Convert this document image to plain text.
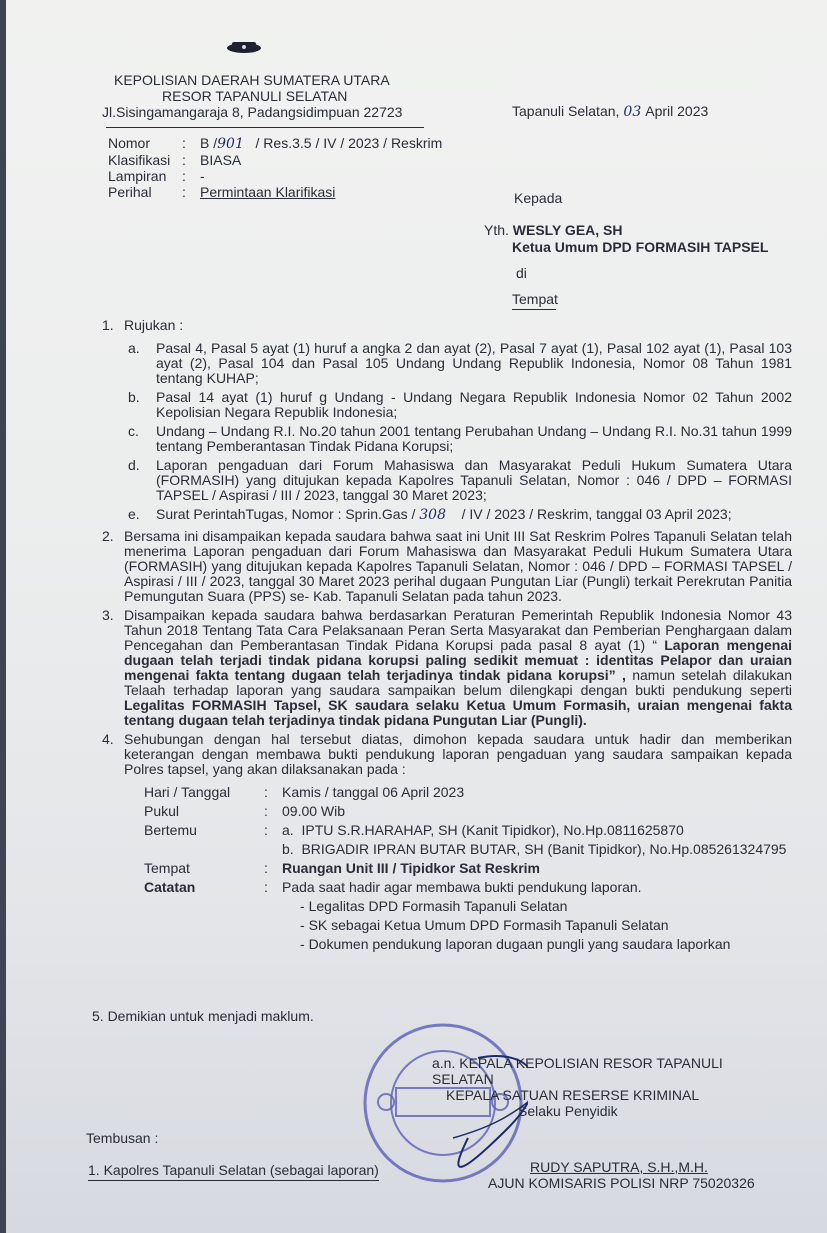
KEPOLISIAN DAERAH SUMATERA UTARA
RESOR TAPANULI SELATAN
Jl.Sisingamangaraja 8, Padangsidimpuan 22723	Tapanuli Selatan, 03 April 2023
Nomor	:	B /901 / Res.3.5 / IV / 2023 / Reskrim
Klasifikasi :	BIASA
Lampiran	:	-
Perihal	:	Permintaan Klarifikasi	Kepada
Yth. WESLY GEA, SH
Ketua Umum DPD FORMASIH TAPSEL
di
Tempat
1. Rujukan :
a.	Pasal 4, Pasal 5 ayat (1) huruf a angka 2 dan ayat (2), Pasal 7 ayat (1), Pasal 102 ayat (1), Pasal 103 ayat (2), Pasal 104 dan Pasal 105 Undang Undang Republik Indonesia, Nomor 08 Tahun 1981 tentang KUHAP;
b.	Pasal 14 ayat (1) huruf g Undang - Undang Negara Republik Indonesia Nomor 02 Tahun 2002 Kepolisian Negara Republik Indonesia;
c.	Undang – Undang R.I. No.20 tahun 2001 tentang Perubahan Undang – Undang R.I. No.31 tahun 1999 tentang Pemberantasan Tindak Pidana Korupsi;
d.	Laporan pengaduan dari Forum Mahasiswa dan Masyarakat Peduli Hukum Sumatera Utara (FORMASIH) yang ditujukan kepada Kapolres Tapanuli Selatan, Nomor : 046 / DPD – FORMASI TAPSEL / Aspirasi / III / 2023, tanggal 30 Maret 2023;
e.	Surat PerintahTugas, Nomor : Sprin.Gas / 308 / IV / 2023 / Reskrim, tanggal 03 April 2023;
2. Bersama ini disampaikan kepada saudara bahwa saat ini Unit III Sat Reskrim Polres Tapanuli Selatan telah menerima Laporan pengaduan dari Forum Mahasiswa dan Masyarakat Peduli Hukum Sumatera Utara (FORMASIH) yang ditujukan kepada Kapolres Tapanuli Selatan, Nomor : 046 / DPD – FORMASI TAPSEL / Aspirasi / III / 2023, tanggal 30 Maret 2023 perihal dugaan Pungutan Liar (Pungli) terkait Perekrutan Panitia Pemungutan Suara (PPS) se- Kab. Tapanuli Selatan pada tahun 2023.
3. Disampaikan kepada saudara bahwa berdasarkan Peraturan Pemerintah Republik Indonesia Nomor 43 Tahun 2018 Tentang Tata Cara Pelaksanaan Peran Serta Masyarakat dan Pemberian Penghargaan dalam Pencegahan dan Pemberantasan Tindak Pidana Korupsi pada pasal 8 ayat (1) “ Laporan mengenai dugaan telah terjadi tindak pidana korupsi paling sedikit memuat : identitas Pelapor dan uraian mengenai fakta tentang dugaan telah terjadinya tindak pidana korupsi” , namun setelah dilakukan Telaah terhadap laporan yang saudara sampaikan belum dilengkapi dengan bukti pendukung seperti Legalitas FORMASIH Tapsel, SK saudara selaku Ketua Umum Formasih, uraian mengenai fakta tentang dugaan telah terjadinya tindak pidana Pungutan Liar (Pungli).
4. Sehubungan dengan hal tersebut diatas, dimohon kepada saudara untuk hadir dan memberikan keterangan dengan membawa bukti pendukung laporan pengaduan yang saudara sampaikan kepada Polres tapsel, yang akan dilaksanakan pada :
Hari / Tanggal	:	Kamis / tanggal 06 April 2023
Pukul	:	09.00 Wib
Bertemu	:	a. IPTU S.R.HARAHAP, SH (Kanit Tipidkor), No.Hp.0811625870
b. BRIGADIR IPRAN BUTAR BUTAR, SH (Banit Tipidkor), No.Hp.085261324795
Tempat	:	Ruangan Unit III / Tipidkor Sat Reskrim
Catatan	:	Pada saat hadir agar membawa bukti pendukung laporan.
- Legalitas DPD Formasih Tapanuli Selatan
- SK sebagai Ketua Umum DPD Formasih Tapanuli Selatan
- Dokumen pendukung laporan dugaan pungli yang saudara laporkan
5. Demikian untuk menjadi maklum.
a.n. KEPALA KEPOLISIAN RESOR TAPANULI SELATAN
KEPALA SATUAN RESERSE KRIMINAL
Selaku Penyidik
RUDY SAPUTRA, S.H.,M.H.
AJUN KOMISARIS POLISI NRP 75020326
Tembusan :
1. Kapolres Tapanuli Selatan (sebagai laporan)
